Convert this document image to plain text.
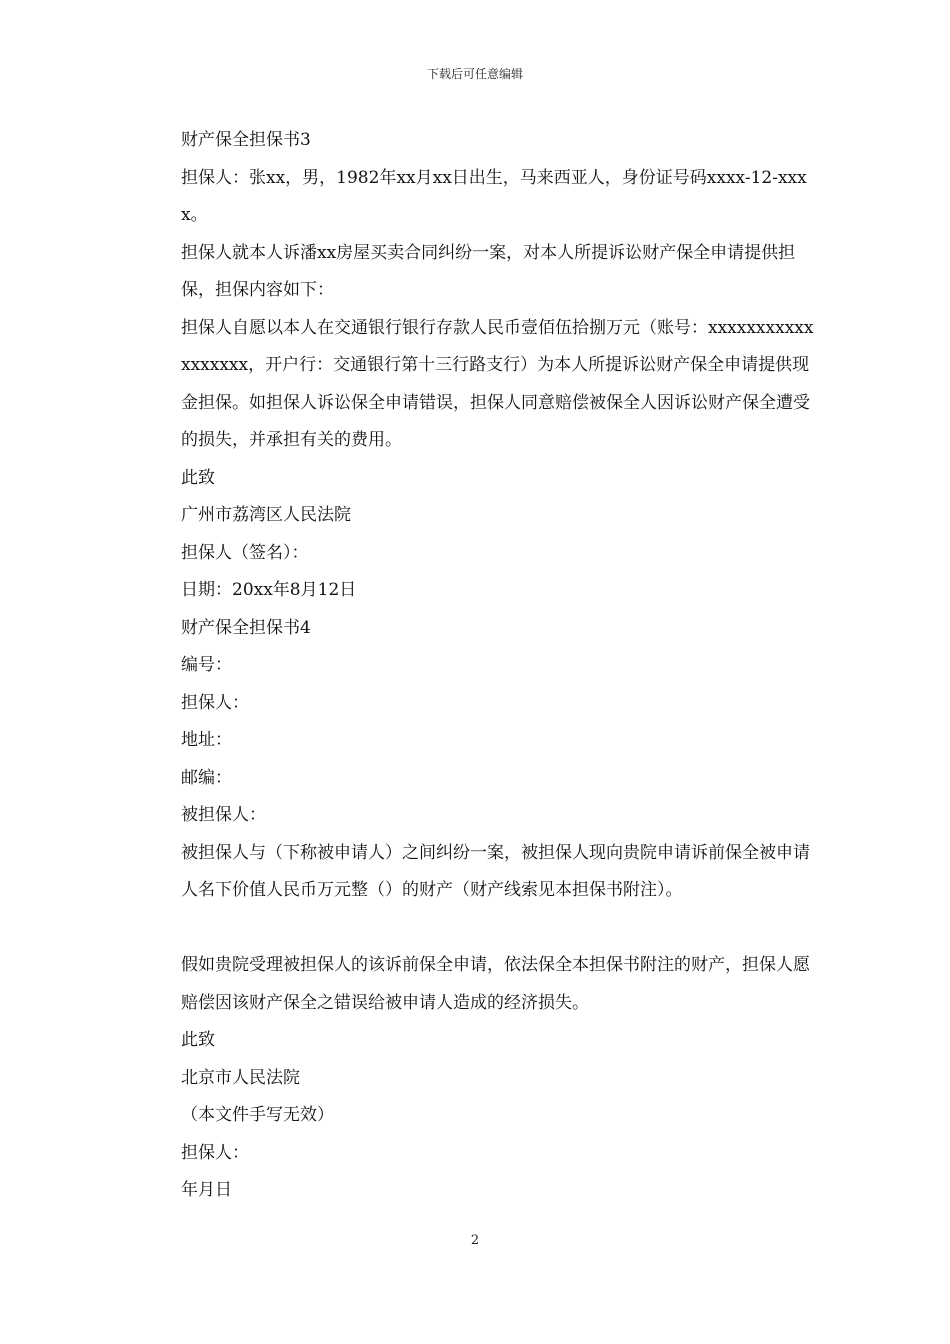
下载后可任意编辑

财产保全担保书3

担保人：张xx，男，1982年xx月xx日出生，马来西亚人，身份证号码xxxx-12-xxxx。

担保人就本人诉潘xx房屋买卖合同纠纷一案，对本人所提诉讼财产保全申请提供担保，担保内容如下：

担保人自愿以本人在交通银行银行存款人民币壹佰伍拾捌万元（账号：xxxxxxxxxxxxxxxxxx，开户行：交通银行第十三行路支行）为本人所提诉讼财产保全申请提供现金担保。如担保人诉讼保全申请错误，担保人同意赔偿被保全人因诉讼财产保全遭受的损失，并承担有关的费用。

此致

广州市荔湾区人民法院

担保人（签名）：

日期：20xx年8月12日

财产保全担保书4

编号：

担保人：

地址：

邮编：

被担保人：

被担保人与（下称被申请人）之间纠纷一案，被担保人现向贵院申请诉前保全被申请人名下价值人民币万元整（）的财产（财产线索见本担保书附注）。

假如贵院受理被担保人的该诉前保全申请，依法保全本担保书附注的财产，担保人愿赔偿因该财产保全之错误给被申请人造成的经济损失。

此致

北京市人民法院

（本文件手写无效）

担保人：

年月日

2
